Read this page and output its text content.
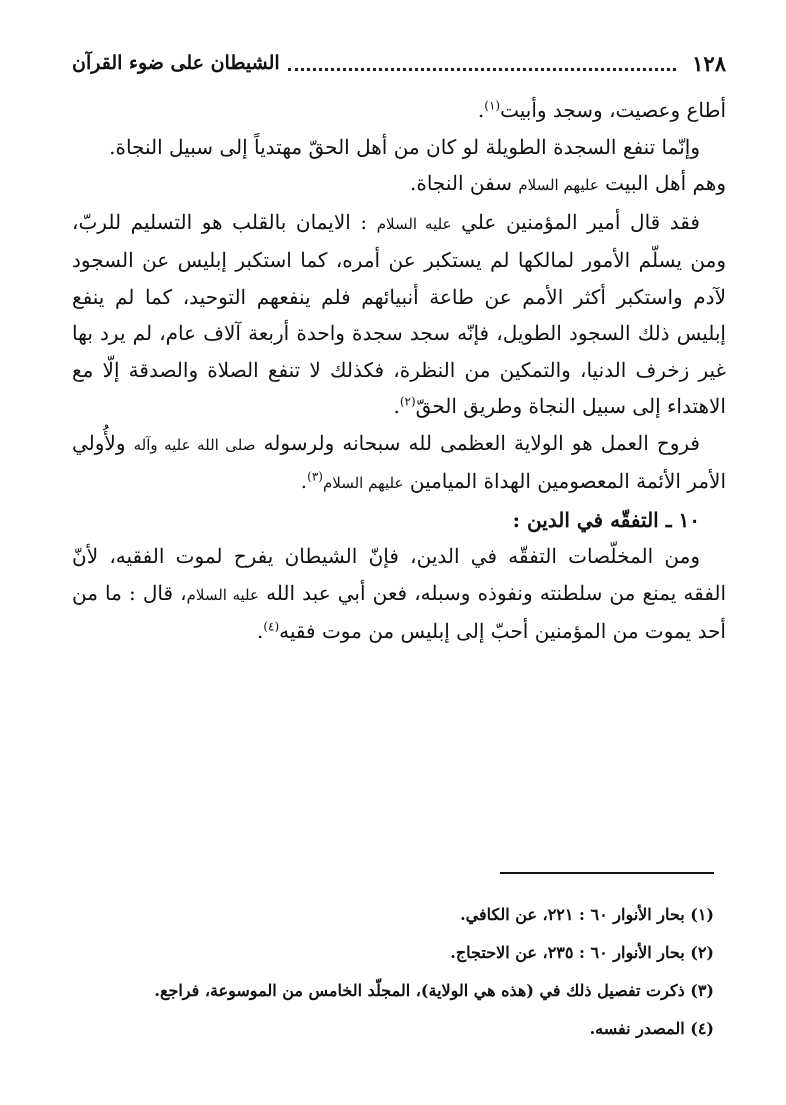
١٢٨
الشيطان على ضوء القرآن

أطاع وعصيت، وسجد وأبيت$^{(١)}$.

وإنّما تنفع السجدة الطويلة لو كان من أهل الحقّ مهتدياً إلى سبيل النجاة.

وهم أهل البيت عليهم السلام سفن النجاة.

فقد قال أمير المؤمنين علي عليه السلام : الايمان بالقلب هو التسليم للربّ، ومن يسلّم الأمور لمالكها لم يستكبر عن أمره، كما استكبر إبليس عن السجود لآدم واستكبر أكثر الأمم عن طاعة أنبيائهم فلم ينفعهم التوحيد، كما لم ينفع إبليس ذلك السجود الطويل، فإنّه سجد سجدة واحدة أربعة آلاف عام، لم يرد بها غير زخرف الدنيا، والتمكين من النظرة، فكذلك لا تنفع الصلاة والصدقة إلّا مع الاهتداء إلى سبيل النجاة وطريق الحقّ$^{(٢)}$.

فروح العمل هو الولاية العظمى لله سبحانه ولرسوله صلى الله عليه وآله ولأُولي الأمر الأئمة المعصومين الهداة الميامين عليهم السلام$^{(٣)}$.

١٠ ـ التفقّه في الدين :

ومن المخلّصات التفقّه في الدين، فإنّ الشيطان يفرح لموت الفقيه، لأنّ الفقه يمنع من سلطنته ونفوذه وسبله، فعن أبي عبد الله عليه السلام، قال : ما من أحد يموت من المؤمنين أحبّ إلى إبليس من موت فقيه$^{(٤)}$.

(١) بحار الأنوار ٦٠ : ٢٢١، عن الكافي.

(٢) بحار الأنوار ٦٠ : ٢٣٥، عن الاحتجاج.

(٣) ذكرت تفصيل ذلك في (هذه هي الولاية)، المجلّد الخامس من الموسوعة، فراجع.

(٤) المصدر نفسه.
